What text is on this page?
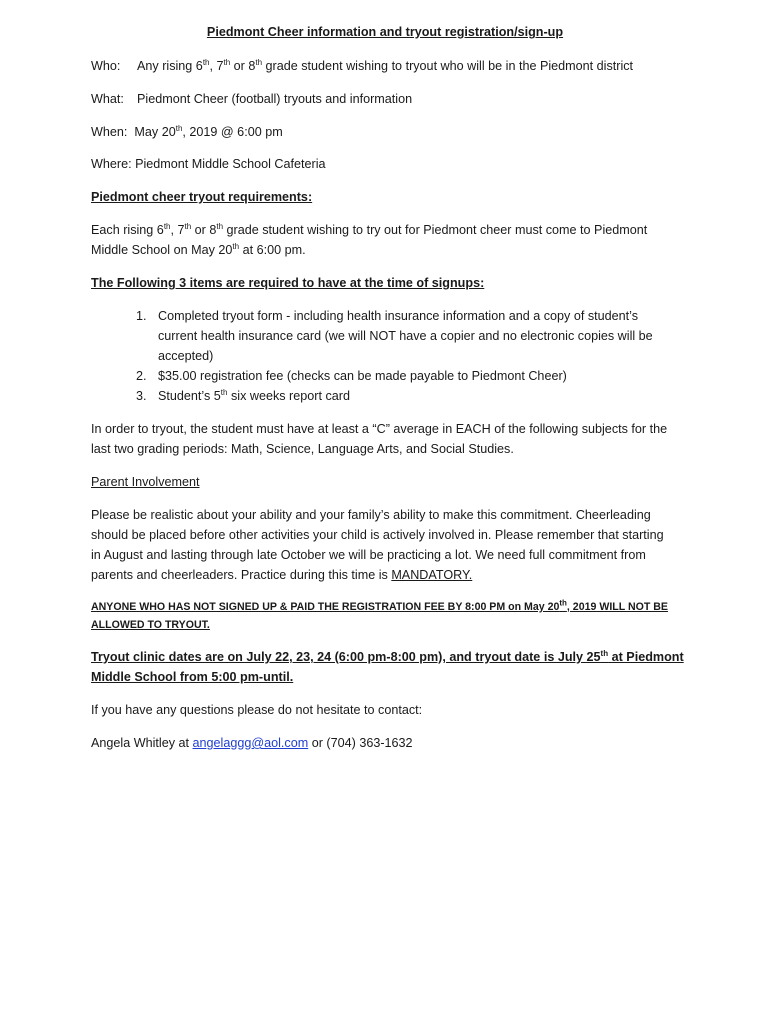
Piedmont Cheer information and tryout registration/sign-up

Who: Any rising 6th, 7th or 8th grade student wishing to tryout who will be in the Piedmont district

What: Piedmont Cheer (football) tryouts and information

When: May 20th, 2019 @ 6:00 pm

Where: Piedmont Middle School Cafeteria

Piedmont cheer tryout requirements:

Each rising 6th, 7th or 8th grade student wishing to try out for Piedmont cheer must come to Piedmont

Middle School on May 20th at 6:00 pm.

The Following 3 items are required to have at the time of signups:

1. Completed tryout form - including health insurance information and a copy of student’s

current health insurance card (we will NOT have a copier and no electronic copies will be

accepted)

2. $35.00 registration fee (checks can be made payable to Piedmont Cheer)

3. Student’s 5th six weeks report card

In order to tryout, the student must have at least a “C” average in EACH of the following subjects for the

last two grading periods: Math, Science, Language Arts, and Social Studies.

Parent Involvement

Please be realistic about your ability and your family’s ability to make this commitment. Cheerleading

should be placed before other activities your child is actively involved in. Please remember that starting

in August and lasting through late October we will be practicing a lot. We need full commitment from

parents and cheerleaders. Practice during this time is MANDATORY.

ANYONE WHO HAS NOT SIGNED UP & PAID THE REGISTRATION FEE BY 8:00 PM on May 20th, 2019 WILL NOT BE

ALLOWED TO TRYOUT.

Tryout clinic dates are on July 22, 23, 24 (6:00 pm-8:00 pm), and tryout date is July 25th at Piedmont

Middle School from 5:00 pm-until.

If you have any questions please do not hesitate to contact:

Angela Whitley at angelaggg@aol.com or (704) 363-1632
